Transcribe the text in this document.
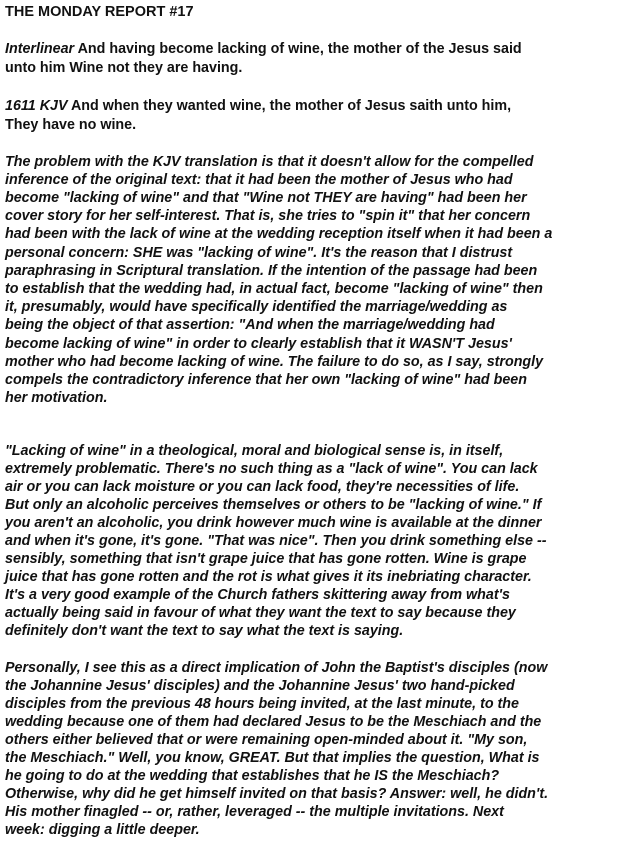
THE MONDAY REPORT #17
Interlinear And having become lacking of wine, the mother of the Jesus said
unto him Wine not they are having.
1611 KJV And when they wanted wine, the mother of Jesus saith unto him,
They have no wine.
The problem with the KJV translation is that it doesn't allow for the compelled
inference of the original text: that it had been the mother of Jesus who had
become "lacking of wine" and that "Wine not THEY are having" had been her
cover story for her self-interest. That is, she tries to "spin it" that her concern
had been with the lack of wine at the wedding reception itself when it had been a
personal concern: SHE was "lacking of wine". It's the reason that I distrust
paraphrasing in Scriptural translation. If the intention of the passage had been
to establish that the wedding had, in actual fact, become "lacking of wine" then
it, presumably, would have specifically identified the marriage/wedding as
being the object of that assertion: "And when the marriage/wedding had
become lacking of wine" in order to clearly establish that it WASN'T Jesus'
mother who had become lacking of wine. The failure to do so, as I say, strongly
compels the contradictory inference that her own "lacking of wine" had been
her motivation.
"Lacking of wine" in a theological, moral and biological sense is, in itself,
extremely problematic. There's no such thing as a "lack of wine". You can lack
air or you can lack moisture or you can lack food, they're necessities of life.
But only an alcoholic perceives themselves or others to be "lacking of wine." If
you aren't an alcoholic, you drink however much wine is available at the dinner
and when it's gone, it's gone. "That was nice". Then you drink something else --
sensibly, something that isn't grape juice that has gone rotten. Wine is grape
juice that has gone rotten and the rot is what gives it its inebriating character.
It's a very good example of the Church fathers skittering away from what's
actually being said in favour of what they want the text to say because they
definitely don't want the text to say what the text is saying.
Personally, I see this as a direct implication of John the Baptist's disciples (now
the Johannine Jesus' disciples) and the Johannine Jesus' two hand-picked
disciples from the previous 48 hours being invited, at the last minute, to the
wedding because one of them had declared Jesus to be the Meschiach and the
others either believed that or were remaining open-minded about it. "My son,
the Meschiach." Well, you know, GREAT. But that implies the question, What is
he going to do at the wedding that establishes that he IS the Meschiach?
Otherwise, why did he get himself invited on that basis? Answer: well, he didn't.
His mother finagled -- or, rather, leveraged -- the multiple invitations. Next
week: digging a little deeper.
